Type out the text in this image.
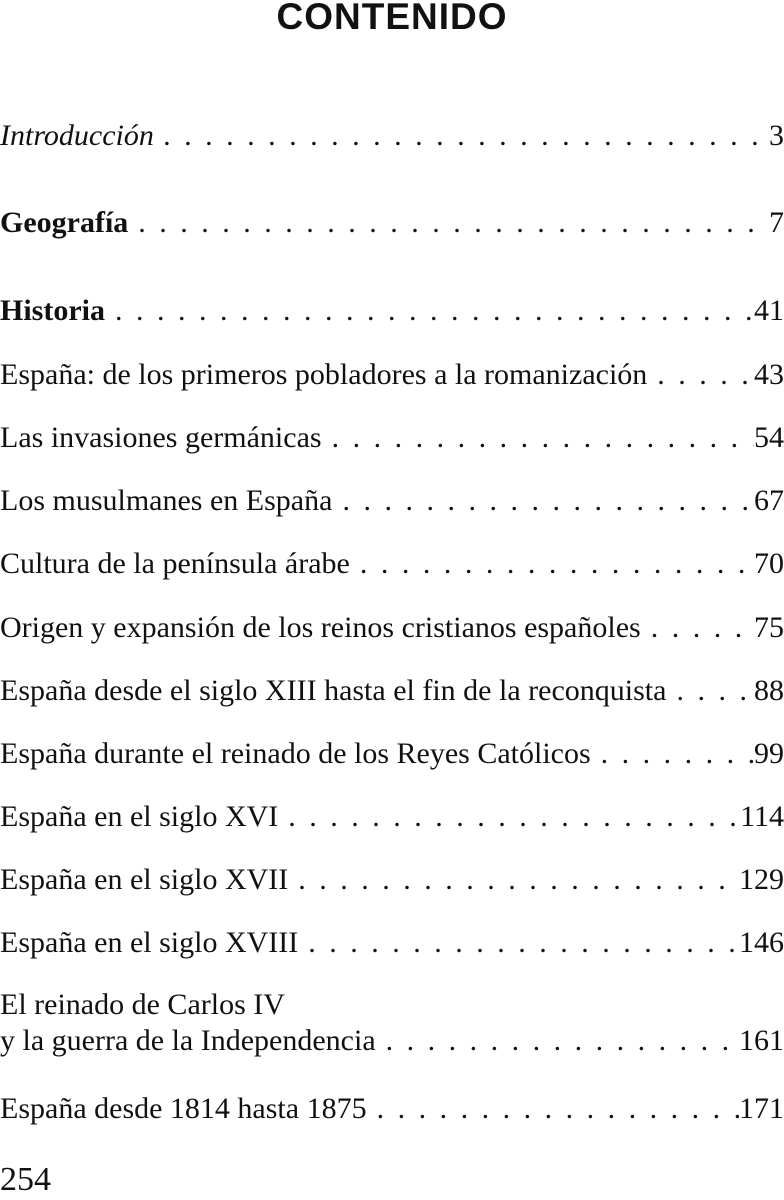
CONTENIDO
Introducción . . .	3
Geografía . . .	7
Historia . . .	41
España: de los primeros pobladores a la romanización . . .	43
Las invasiones germánicas . . .	54
Los musulmanes en España . . .	67
Cultura de la península árabe . . .	70
Origen y expansión de los reinos cristianos españoles . . .	75
España desde el siglo XIII hasta el fin de la reconquista . . .	88
España durante el reinado de los Reyes Católicos . . .	99
España en el siglo XVI . . .	114
España en el siglo XVII . . .	129
España en el siglo XVIII . . .	146
El reinado de Carlos IV
y la guerra de la Independencia . . .	161
España desde 1814 hasta 1875 . . .	171
254
